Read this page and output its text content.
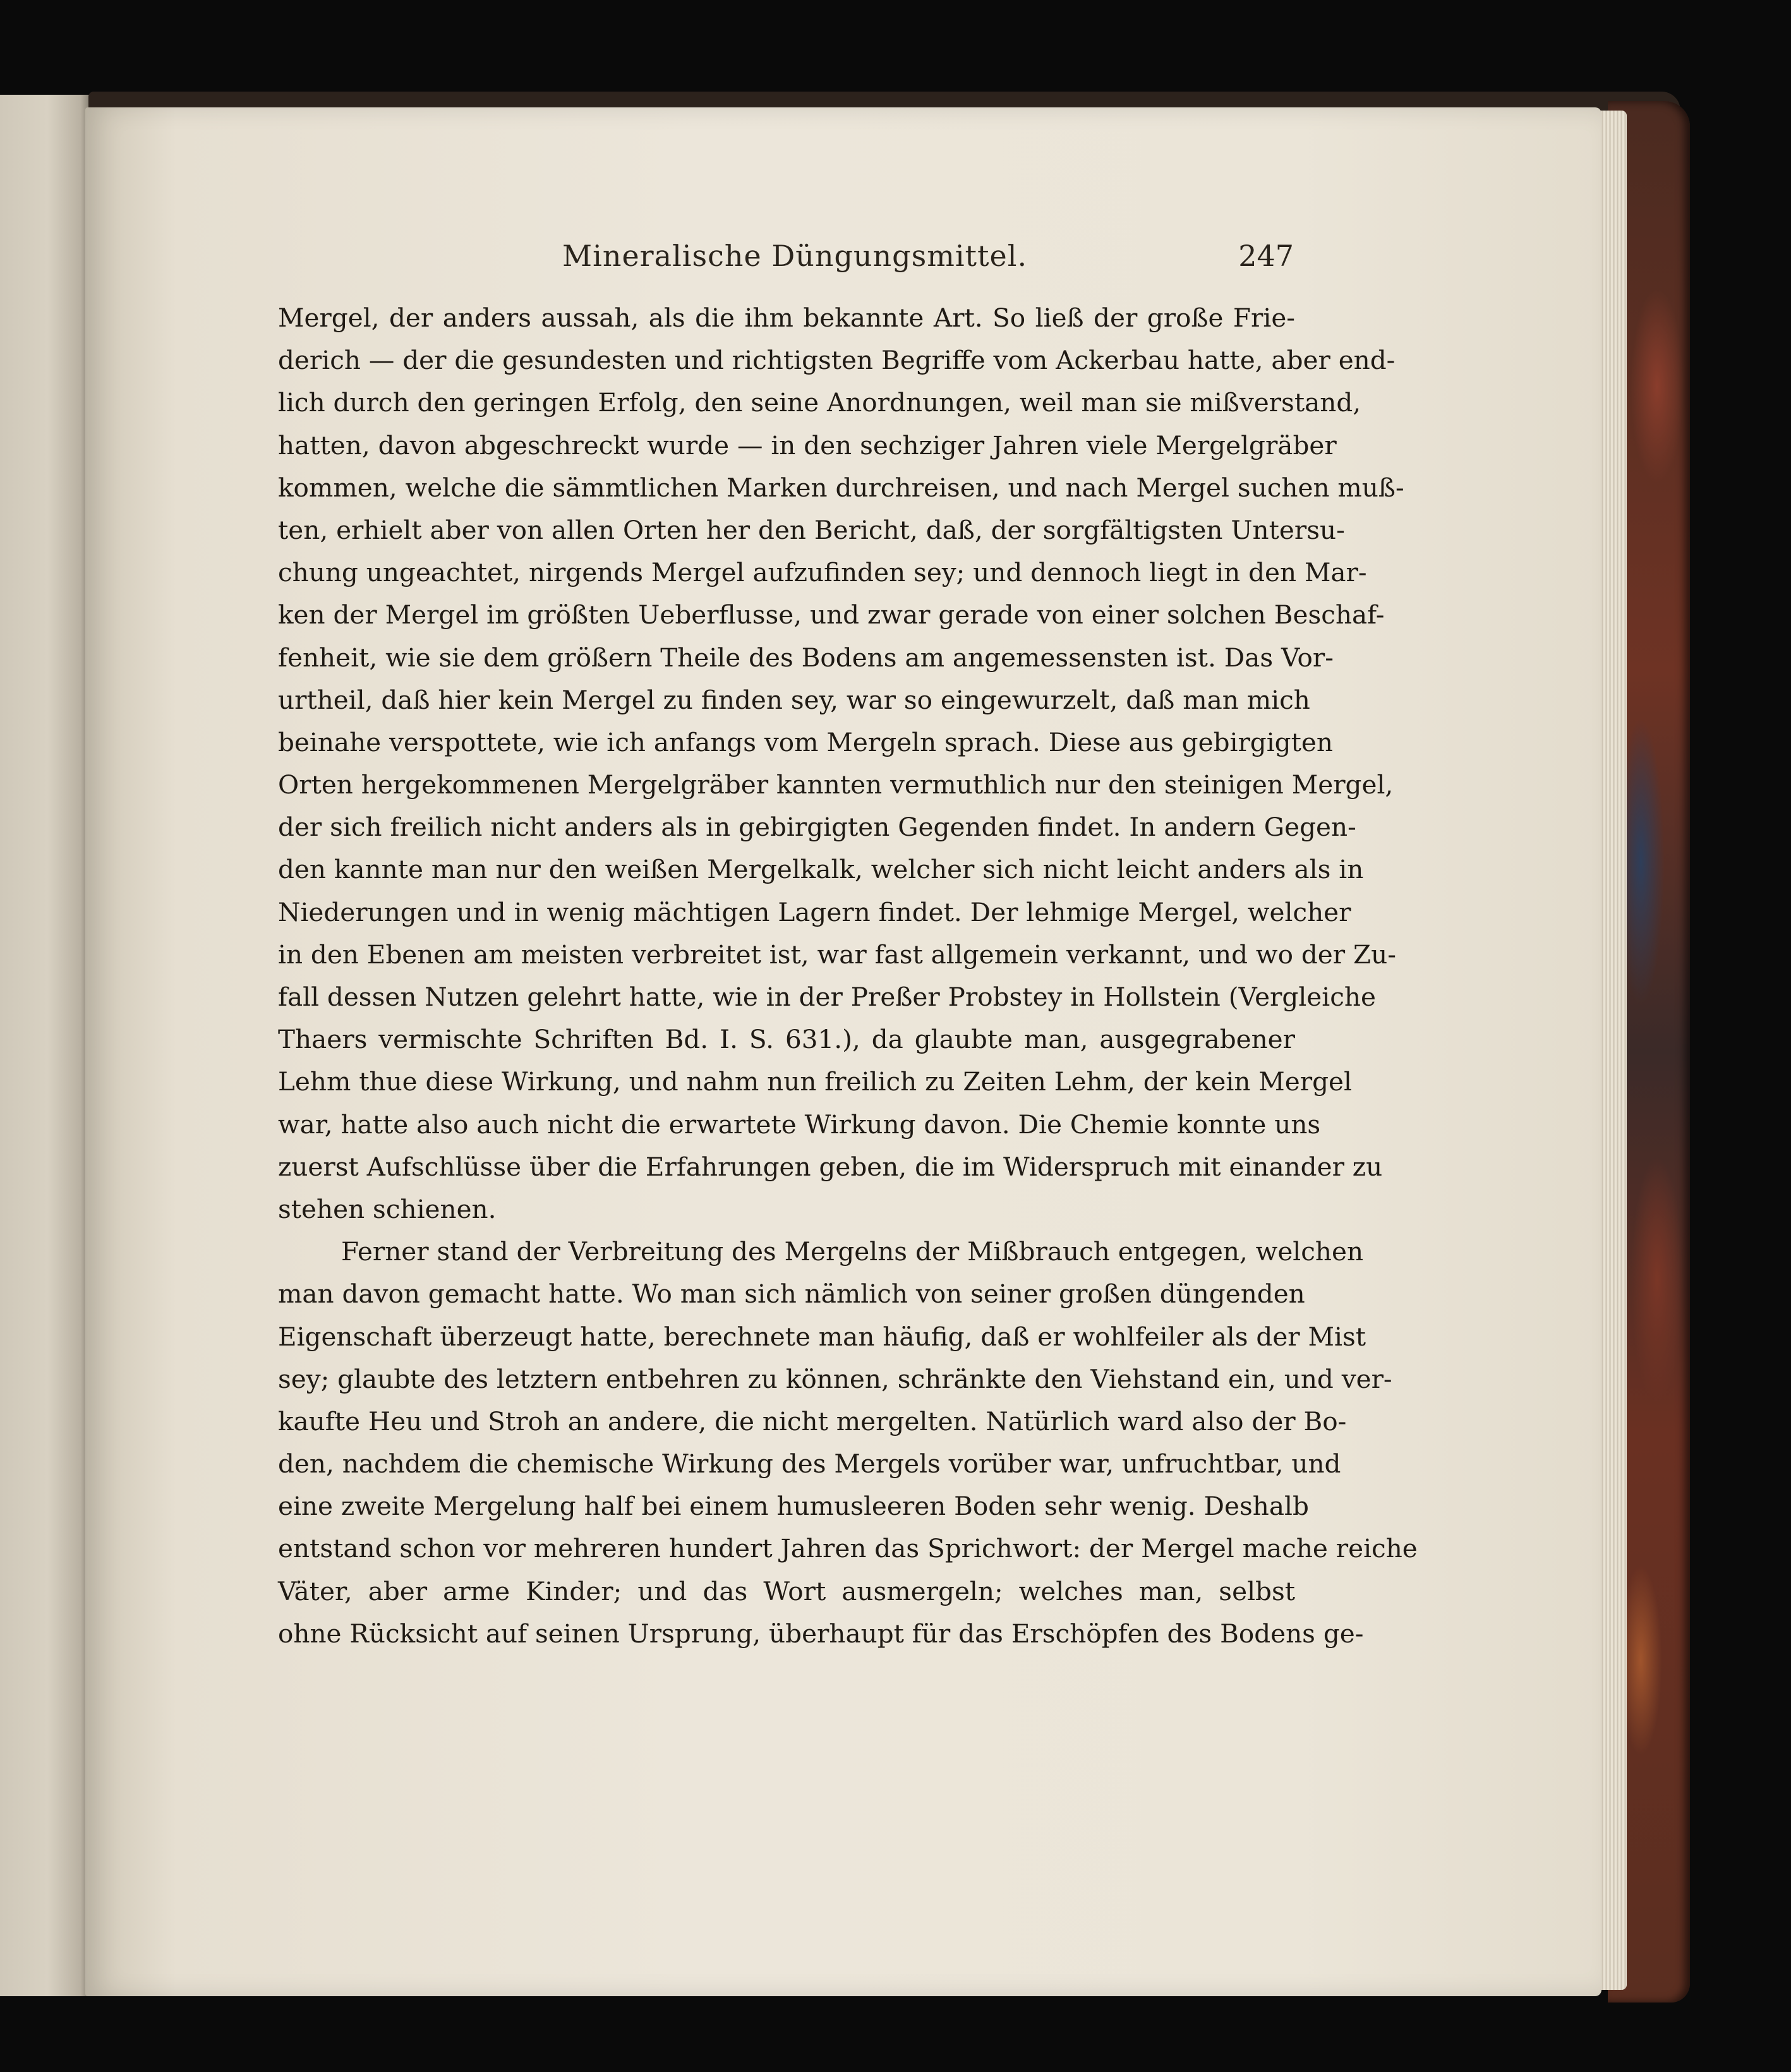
Mineralische Düngungsmittel.	247
Mergel, der anders aussah, als die ihm bekannte Art. So ließ der große Frie-
derich — der die gesundesten und richtigsten Begriffe vom Ackerbau hatte, aber end-
lich durch den geringen Erfolg, den seine Anordnungen, weil man sie mißverstand,
hatten, davon abgeschreckt wurde — in den sechziger Jahren viele Mergelgräber
kommen, welche die sämmtlichen Marken durchreisen, und nach Mergel suchen muß-
ten, erhielt aber von allen Orten her den Bericht, daß, der sorgfältigsten Untersu-
chung ungeachtet, nirgends Mergel aufzufinden sey; und dennoch liegt in den Mar-
ken der Mergel im größten Ueberflusse, und zwar gerade von einer solchen Beschaf-
fenheit, wie sie dem größern Theile des Bodens am angemessensten ist. Das Vor-
urtheil, daß hier kein Mergel zu finden sey, war so eingewurzelt, daß man mich
beinahe verspottete, wie ich anfangs vom Mergeln sprach. Diese aus gebirgigten
Orten hergekommenen Mergelgräber kannten vermuthlich nur den steinigen Mergel,
der sich freilich nicht anders als in gebirgigten Gegenden findet. In andern Gegen-
den kannte man nur den weißen Mergelkalk, welcher sich nicht leicht anders als in
Niederungen und in wenig mächtigen Lagern findet. Der lehmige Mergel, welcher
in den Ebenen am meisten verbreitet ist, war fast allgemein verkannt, und wo der Zu-
fall dessen Nutzen gelehrt hatte, wie in der Preßer Probstey in Hollstein (Vergleiche
Thaers vermischte Schriften Bd. I. S. 631.), da glaubte man, ausgegrabener
Lehm thue diese Wirkung, und nahm nun freilich zu Zeiten Lehm, der kein Mergel
war, hatte also auch nicht die erwartete Wirkung davon. Die Chemie konnte uns
zuerst Aufschlüsse über die Erfahrungen geben, die im Widerspruch mit einander zu
stehen schienen.
Ferner stand der Verbreitung des Mergelns der Mißbrauch entgegen, welchen
man davon gemacht hatte. Wo man sich nämlich von seiner großen düngenden
Eigenschaft überzeugt hatte, berechnete man häufig, daß er wohlfeiler als der Mist
sey; glaubte des letztern entbehren zu können, schränkte den Viehstand ein, und ver-
kaufte Heu und Stroh an andere, die nicht mergelten. Natürlich ward also der Bo-
den, nachdem die chemische Wirkung des Mergels vorüber war, unfruchtbar, und
eine zweite Mergelung half bei einem humusleeren Boden sehr wenig. Deshalb
entstand schon vor mehreren hundert Jahren das Sprichwort: der Mergel mache reiche
Väter, aber arme Kinder; und das Wort ausmergeln; welches man, selbst
ohne Rücksicht auf seinen Ursprung, überhaupt für das Erschöpfen des Bodens ge-
